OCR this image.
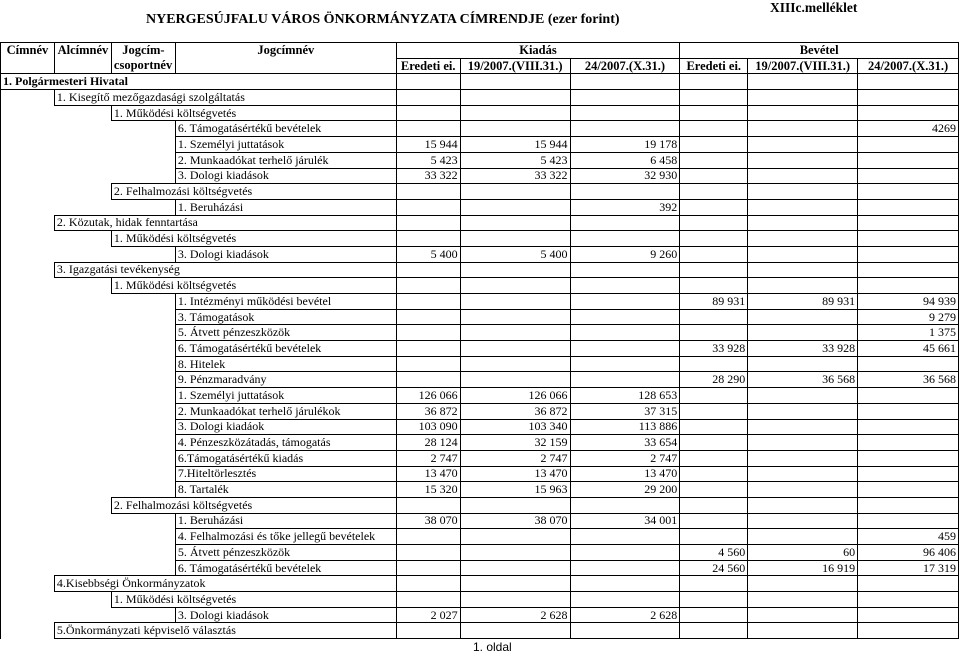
NYERGESÚJFALU VÁROS ÖNKORMÁNYZATA CÍMRENDJE (ezer forint)
XIIIc.melléklet
Címnév	Alcímnév	Jogcím-	Jogcímnév	Kiadás			Bevétel		
		csoportnév		Eredeti ei.	19/2007.(VIII.31.)	24/2007.(X.31.)	Eredeti ei.	19/2007.(VIII.31.)	24/2007.(X.31.)
1. Polgármesteri Hivatal									
	1. Kisegítő mezőgazdasági szolgáltatás								
		1. Működési költségvetés							
			6. Támogatásértékű bevételek						4269
			1. Személyi juttatások	15 944	15 944	19 178			
			2. Munkaadókat terhelő járulék	5 423	5 423	6 458			
			3. Dologi kiadások	33 322	33 322	32 930			
		2. Felhalmozási költségvetés							
			1. Beruházási			392			
	2. Közutak, hidak fenntartása								
		1. Működési költségvetés							
			3. Dologi kiadások	5 400	5 400	9 260			
	3. Igazgatási tevékenység								
		1. Működési költségvetés							
			1. Intézményi működési bevétel				89 931	89 931	94 939
			3. Támogatások						9 279
			5. Átvett pénzeszközök						1 375
			6. Támogatásértékű bevételek				33 928	33 928	45 661
			8. Hitelek						
			9. Pénzmaradvány				28 290	36 568	36 568
			1. Személyi juttatások	126 066	126 066	128 653			
			2. Munkaadókat terhelő járulékok	36 872	36 872	37 315			
			3. Dologi kiadáok	103 090	103 340	113 886			
			4. Pénzeszközátadás, támogatás	28 124	32 159	33 654			
			6.Támogatásértékű kiadás	2 747	2 747	2 747			
			7.Hiteltörlesztés	13 470	13 470	13 470			
			8. Tartalék	15 320	15 963	29 200			
		2. Felhalmozási költségvetés							
			1. Beruházási	38 070	38 070	34 001			
			4. Felhalmozási és tőke jellegű bevételek						459
			5. Átvett pénzeszközök				4 560	60	96 406
			6. Támogatásértékű bevételek				24 560	16 919	17 319
	4.Kisebbségi Önkormányzatok								
		1. Működési költségvetés							
			3. Dologi kiadások	2 027	2 628	2 628			
	5.Önkormányzati képviselő választás								
1. oldal
